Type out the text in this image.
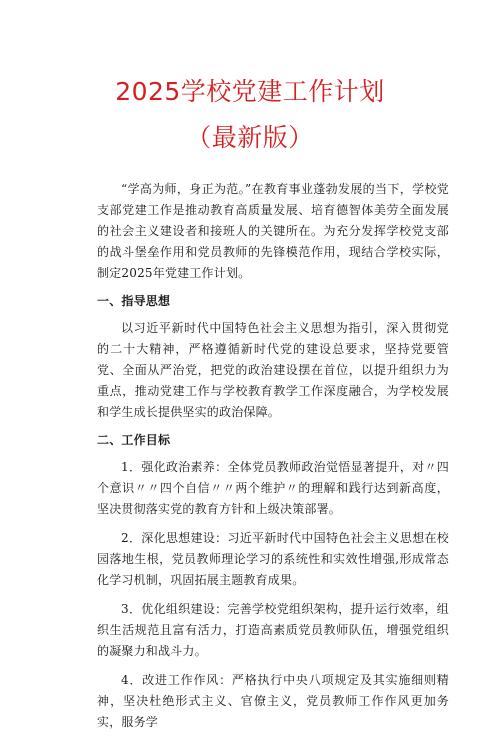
2025学校党建工作计划
（最新版）

“学高为师，身正为范。”在教育事业蓬勃发展的当下，学校党支部党建工作是推动教育高质量发展、培育德智体美劳全面发展的社会主义建设者和接班人的关键所在。为充分发挥学校党支部的战斗堡垒作用和党员教师的先锋模范作用，现结合学校实际，制定2025年党建工作计划。

一、指导思想

以习近平新时代中国特色社会主义思想为指引，深入贯彻党的二十大精神，严格遵循新时代党的建设总要求，坚持党要管党、全面从严治党，把党的政治建设摆在首位，以提升组织力为重点，推动党建工作与学校教育教学工作深度融合，为学校发展和学生成长提供坚实的政治保障。

二、工作目标

1．强化政治素养：全体党员教师政治觉悟显著提升，对〃四个意识〃〃四个自信〃〃两个维护〃的理解和践行达到新高度，坚决贯彻落实党的教育方针和上级决策部署。

2．深化思想建设：习近平新时代中国特色社会主义思想在校园落地生根，党员教师理论学习的系统性和实效性增强,形成常态化学习机制，巩固拓展主题教育成果。

3．优化组织建设：完善学校党组织架构，提升运行效率，组织生活规范且富有活力，打造高素质党员教师队伍，增强党组织的凝聚力和战斗力。

4．改进工作作风：严格执行中央八项规定及其实施细则精神，坚决杜绝形式主义、官僚主义，党员教师工作作风更加务实，服务学
